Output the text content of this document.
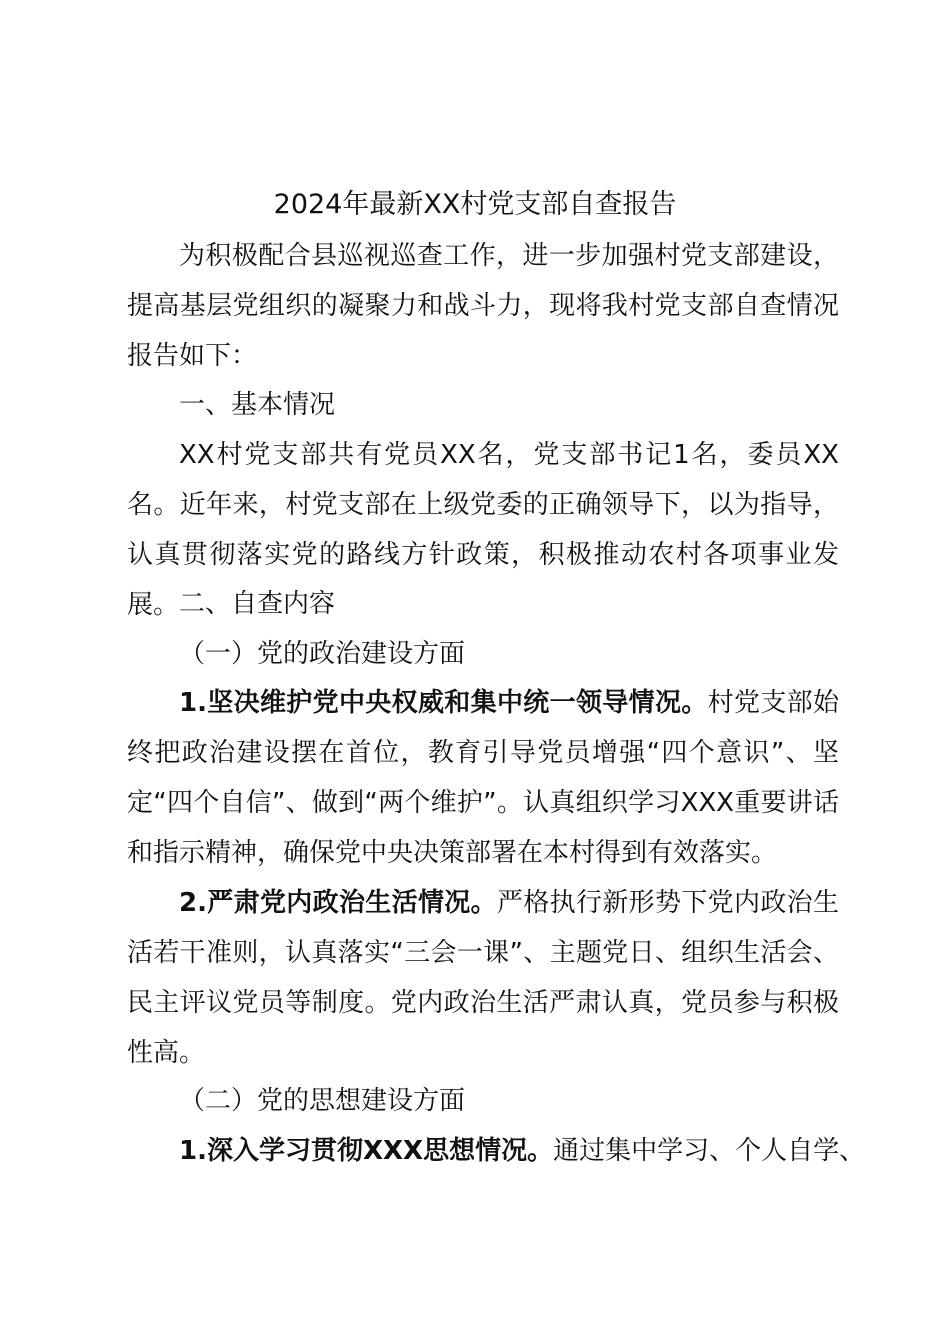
2024年最新XX村党支部自查报告

为积极配合县巡视巡查工作，进一步加强村党支部建设，提高基层党组织的凝聚力和战斗力，现将我村党支部自查情况报告如下：

一、基本情况

XX村党支部共有党员XX名，党支部书记1名，委员XX名。近年来，村党支部在上级党委的正确领导下，以为指导，认真贯彻落实党的路线方针政策，积极推动农村各项事业发展。 二、自查内容

（一）党的政治建设方面

1.坚决维护党中央权威和集中统一领导情况。村党支部始终把政治建设摆在首位，教育引导党员增强“四个意识”、坚定“四个自信”、做到“两个维护”。认真组织学习XXX重要讲话和指示精神，确保党中央决策部署在本村得到有效落实。

2.严肃党内政治生活情况。严格执行新形势下党内政治生活若干准则，认真落实“三会一课”、主题党日、组织生活会、民主评议党员等制度。党内政治生活严肃认真，党员参与积极性高。

（二）党的思想建设方面

1.深入学习贯彻XXX思想情况。通过集中学习、个人自学、
